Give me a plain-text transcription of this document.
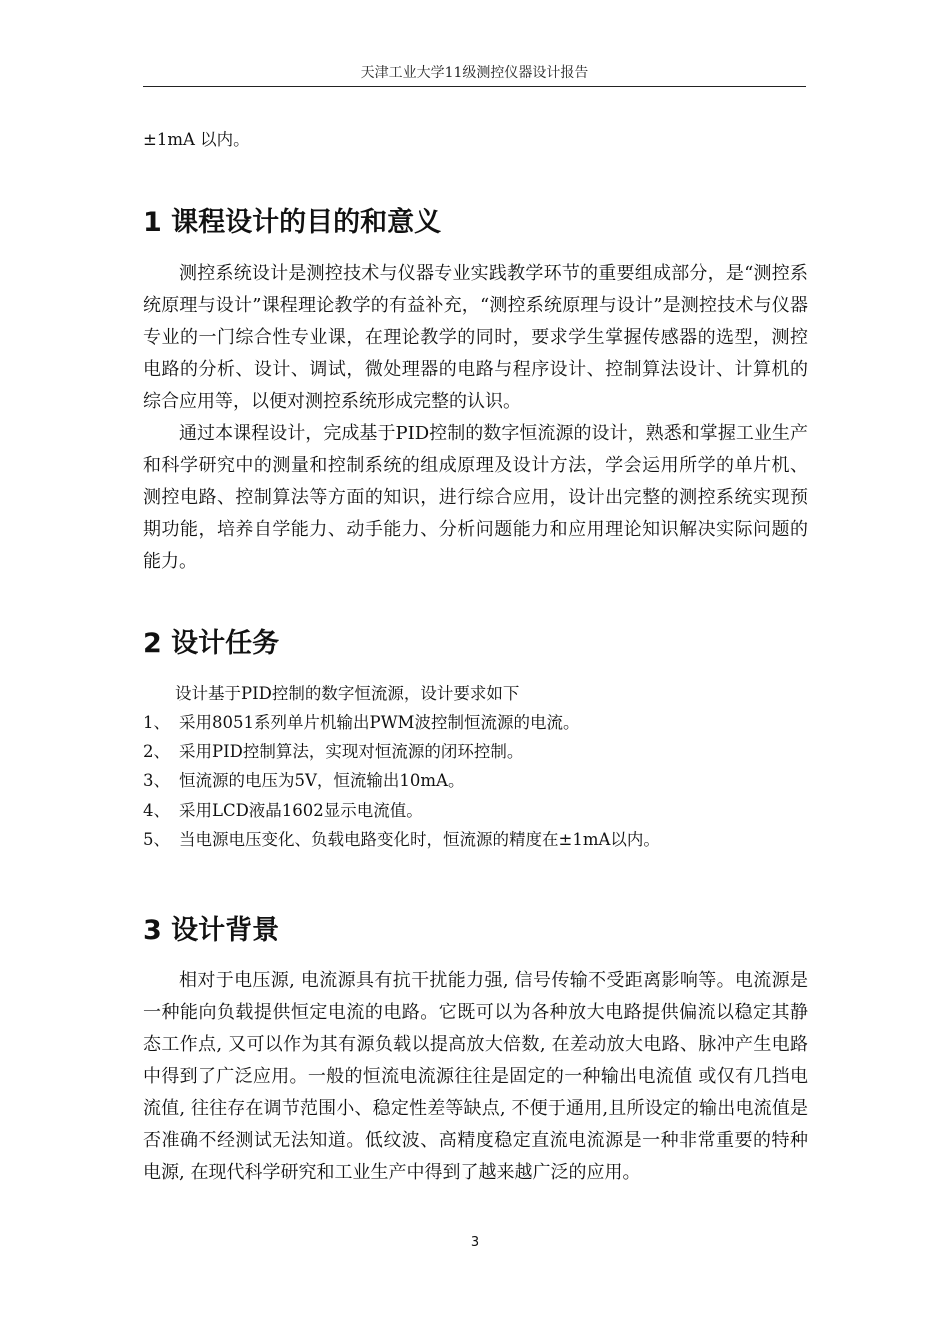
天津工业大学11级测控仪器设计报告
±1mA 以内。
1 课程设计的目的和意义

测控系统设计是测控技术与仪器专业实践教学环节的重要组成部分，是“测控系统原理与设计”课程理论教学的有益补充，“测控系统原理与设计”是测控技术与仪器专业的一门综合性专业课，在理论教学的同时，要求学生掌握传感器的选型，测控电路的分析、设计、调试，微处理器的电路与程序设计、控制算法设计、计算机的综合应用等，以便对测控系统形成完整的认识。

通过本课程设计，完成基于PID控制的数字恒流源的设计，熟悉和掌握工业生产和科学研究中的测量和控制系统的组成原理及设计方法，学会运用所学的单片机、测控电路、控制算法等方面的知识，进行综合应用，设计出完整的测控系统实现预期功能，培养自学能力、动手能力、分析问题能力和应用理论知识解决实际问题的能力。

2 设计任务
设计基于PID控制的数字恒流源，设计要求如下
1、 采用8051系列单片机输出PWM波控制恒流源的电流。
2、 采用PID控制算法，实现对恒流源的闭环控制。
3、 恒流源的电压为5V，恒流输出10mA。
4、 采用LCD液晶1602显示电流值。
5、 当电源电压变化、负载电路变化时，恒流源的精度在±1mA以内。
3 设计背景

相对于电压源, 电流源具有抗干扰能力强, 信号传输不受距离影响等。电流源是一种能向负载提供恒定电流的电路。它既可以为各种放大电路提供偏流以稳定其静态工作点, 又可以作为其有源负载以提高放大倍数, 在差动放大电路、脉冲产生电路中得到了广泛应用。一般的恒流电流源往往是固定的一种输出电流值 或仅有几挡电流值, 往往存在调节范围小、稳定性差等缺点, 不便于通用,且所设定的输出电流值是否准确不经测试无法知道。低纹波、高精度稳定直流电流源是一种非常重要的特种电源, 在现代科学研究和工业生产中得到了越来越广泛的应用。

3
